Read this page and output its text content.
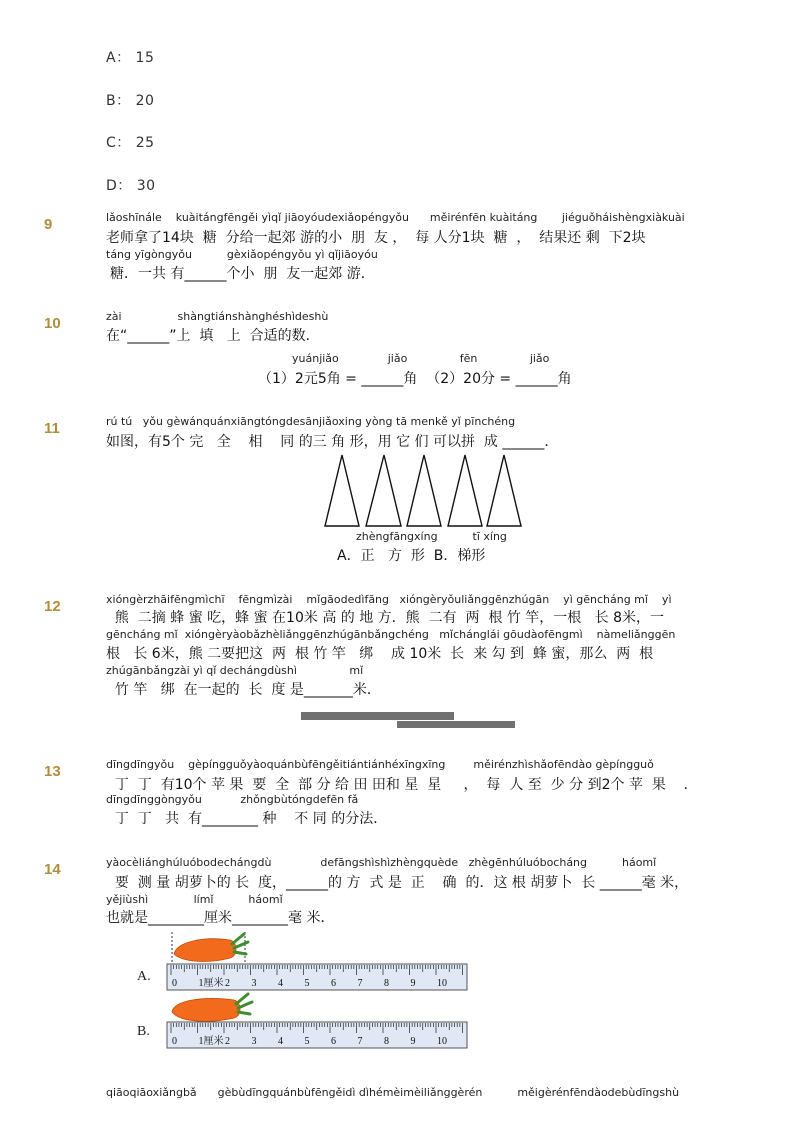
A： 15
B： 20
C： 25
D： 30
9	lǎoshīnále    kuàitángfēngěi yìqǐ jiāoyóudexiǎopéngyǒu      měirénfēn kuàitáng       jiéguǒháishèngxiàkuài
老师拿了14块  糖  分给一起郊 游的小  朋  友 ，  每 人分1块  糖  ，  结果还 剩  下2块
táng yīgòngyǒu          gèxiǎopéngyǒu yì qǐjiāoyóu
糖．一共 有______个小  朋  友一起郊 游．
10	zài                shàngtiánshànghéshìdeshù
在“______”上  填   上  合适的数．
yuánjiǎo              jiǎo               fēn               jiǎo
（1）2元5角 = ______角  （2）20分 = ______角
11	rú tú   yǒu gèwánquánxiāngtóngdesānjiǎoxing yòng tā menkě yǐ pīnchéng
如图，有5个 完   全    相    同 的三 角 形，用 它 们 可以拼  成 ______．
zhèngfāngxíng          tī xíng
A．正   方  形  B．梯形
12	xióngèrzhāifēngmìchī    fēngmìzài    mǐgāodedìfāng   xióngèryǒuliǎnggēnzhúgān    yì gēncháng mǐ    yì
熊  二摘 蜂 蜜 吃，蜂 蜜 在10米 高 的 地 方．熊  二有  两  根 竹 竿，一根   长 8米，一
gēncháng mǐ  xióngèryàobǎzhèliǎnggēnzhúgānbǎngchéng   mǐchánglái gōudàofēngmì    nàmeliǎnggēn
根   长 6米，熊 二要把这  两  根 竹 竿   绑    成 10米  长  来 勾 到  蜂 蜜，那么  两  根
zhúgānbǎngzài yì qǐ dechángdùshì               mǐ
竹 竿   绑  在一起的  长  度 是_______米．
13	dīngdīngyǒu    gèpíngguǒyàoquánbùfēngěitiántiánhéxīngxīng        měirénzhìshǎofēndào gèpíngguǒ
丁  丁  有10个 苹 果  要  全  部 分 给 田 田和 星  星     ，  每  人 至  少 分 到2个 苹  果    ．
dīngdīnggòngyǒu           zhǒngbùtóngdefēn fǎ
丁  丁   共  有________ 种    不 同 的分法．
14	yàocèliánghúluóbodechángdù              defāngshìshìzhèngquède   zhègēnhúluóbocháng          háomǐ
要  测 量 胡萝卜的 长  度，______的 方  式 是  正    确  的．这 根 胡萝卜  长 ______毫 米，
yějiùshì             límǐ          háomǐ
也就是________厘米________毫 米．
A. 0 1厘米 2 3 4 5 6 7 8 9 10
B.
0 1厘米 2 3 4 5 6 7 8 9 10
qiāoqiāoxiǎngbǎ      gèbùdīngquánbùfēngěidì dìhémèimèiliǎnggèrén          měigèrénfēndàodebùdīngshù
